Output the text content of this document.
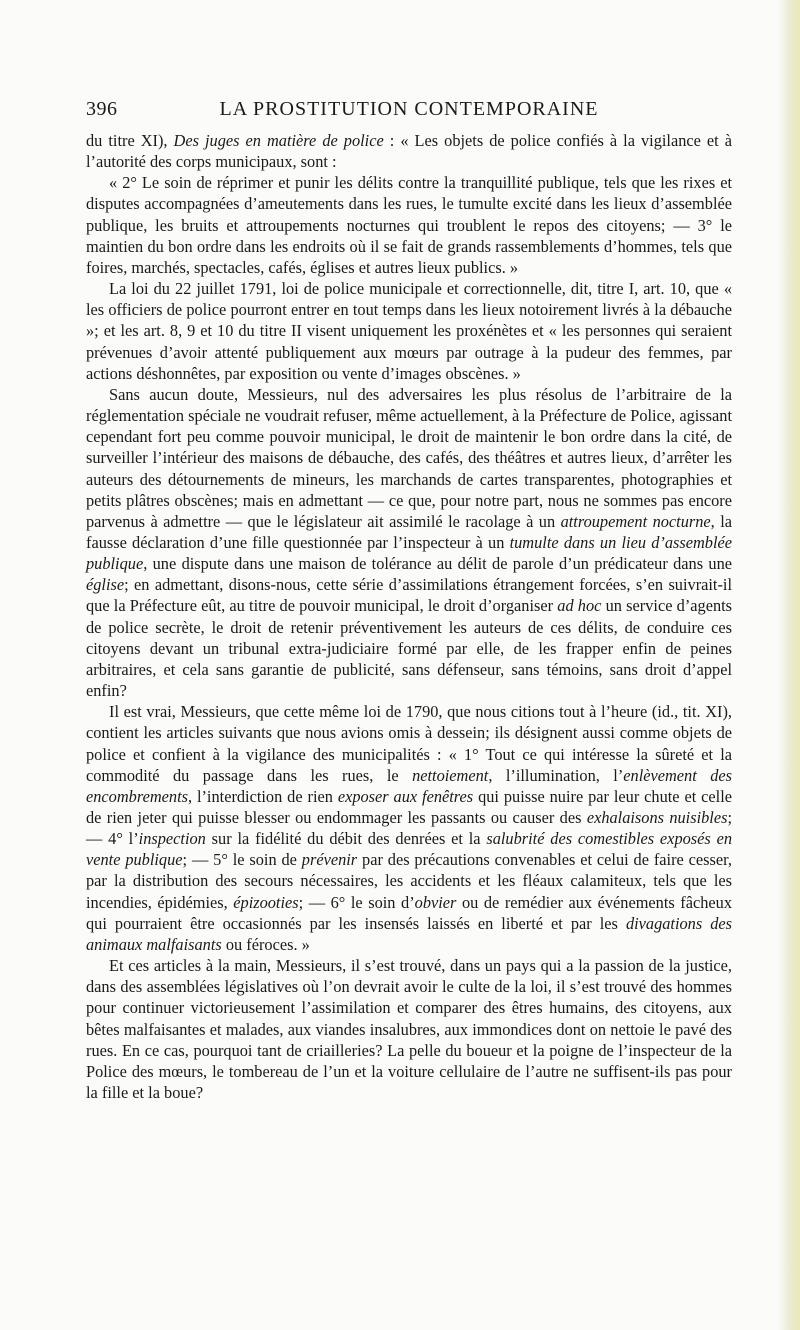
396	LA PROSTITUTION CONTEMPORAINE

du titre XI), Des juges en matière de police : « Les objets de police confiés à la vigilance et à l’autorité des corps municipaux, sont :

« 2° Le soin de réprimer et punir les délits contre la tranquillité publique, tels que les rixes et disputes accompagnées d’ameutements dans les rues, le tumulte excité dans les lieux d’assemblée publique, les bruits et attroupements nocturnes qui troublent le repos des citoyens; — 3° le maintien du bon ordre dans les endroits où il se fait de grands rassemblements d’hommes, tels que foires, marchés, spectacles, cafés, églises et autres lieux publics. »

La loi du 22 juillet 1791, loi de police municipale et correctionnelle, dit, titre I, art. 10, que « les officiers de police pourront entrer en tout temps dans les lieux notoirement livrés à la débauche »; et les art. 8, 9 et 10 du titre II visent uniquement les proxénètes et « les personnes qui seraient prévenues d’avoir attenté publiquement aux mœurs par outrage à la pudeur des femmes, par actions déshonnêtes, par exposition ou vente d’images obscènes. »

Sans aucun doute, Messieurs, nul des adversaires les plus résolus de l’arbitraire de la réglementation spéciale ne voudrait refuser, même actuellement, à la Préfecture de Police, agissant cependant fort peu comme pouvoir municipal, le droit de maintenir le bon ordre dans la cité, de surveiller l’intérieur des maisons de débauche, des cafés, des théâtres et autres lieux, d’arrêter les auteurs des détournements de mineurs, les marchands de cartes transparentes, photographies et petits plâtres obscènes; mais en admettant — ce que, pour notre part, nous ne sommes pas encore parvenus à admettre — que le législateur ait assimilé le racolage à un attroupement nocturne, la fausse déclaration d’une fille questionnée par l’inspecteur à un tumulte dans un lieu d’assemblée publique, une dispute dans une maison de tolérance au délit de parole d’un prédicateur dans une église; en admettant, disons-nous, cette série d’assimilations étrangement forcées, s’en suivrait-il que la Préfecture eût, au titre de pouvoir municipal, le droit d’organiser ad hoc un service d’agents de police secrète, le droit de retenir préventivement les auteurs de ces délits, de conduire ces citoyens devant un tribunal extra-judiciaire formé par elle, de les frapper enfin de peines arbitraires, et cela sans garantie de publicité, sans défenseur, sans témoins, sans droit d’appel enfin?

Il est vrai, Messieurs, que cette même loi de 1790, que nous citions tout à l’heure (id., tit. XI), contient les articles suivants que nous avions omis à dessein; ils désignent aussi comme objets de police et confient à la vigilance des municipalités : « 1° Tout ce qui intéresse la sûreté et la commodité du passage dans les rues, le nettoiement, l’illumination, l’enlèvement des encombrements, l’interdiction de rien exposer aux fenêtres qui puisse nuire par leur chute et celle de rien jeter qui puisse blesser ou endommager les passants ou causer des exhalaisons nuisibles; — 4° l’inspection sur la fidélité du débit des denrées et la salubrité des comestibles exposés en vente publique; — 5° le soin de prévenir par des précautions convenables et celui de faire cesser, par la distribution des secours nécessaires, les accidents et les fléaux calamiteux, tels que les incendies, épidémies, épizooties; — 6° le soin d’obvier ou de remédier aux événements fâcheux qui pourraient être occasionnés par les insensés laissés en liberté et par les divagations des animaux malfaisants ou féroces. »

Et ces articles à la main, Messieurs, il s’est trouvé, dans un pays qui a la passion de la justice, dans des assemblées législatives où l’on devrait avoir le culte de la loi, il s’est trouvé des hommes pour continuer victorieusement l’assimilation et comparer des êtres humains, des citoyens, aux bêtes malfaisantes et malades, aux viandes insalubres, aux immondices dont on nettoie le pavé des rues. En ce cas, pourquoi tant de criailleries? La pelle du boueur et la poigne de l’inspecteur de la Police des mœurs, le tombereau de l’un et la voiture cellulaire de l’autre ne suffisent-ils pas pour la fille et la boue?
